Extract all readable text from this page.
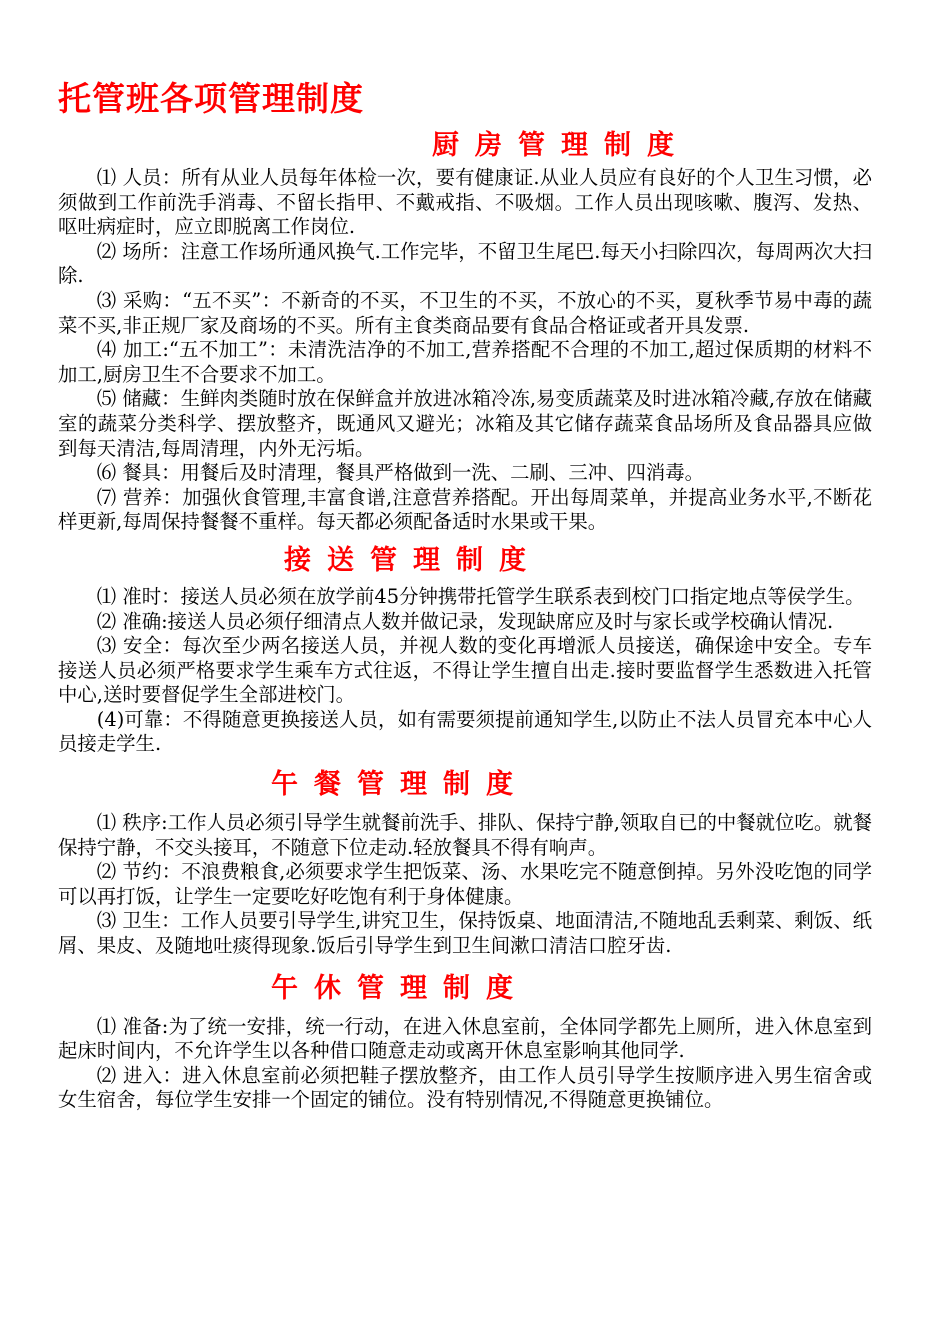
托管班各项管理制度
厨房管理制度

⑴ 人员：所有从业人员每年体检一次，要有健康证.从业人员应有良好的个人卫生习惯，必须做到工作前洗手消毒、不留长指甲、不戴戒指、不吸烟。工作人员出现咳嗽、腹泻、发热、呕吐病症时，应立即脱离工作岗位.

⑵ 场所：注意工作场所通风换气.工作完毕，不留卫生尾巴.每天小扫除四次，每周两次大扫除.

⑶ 采购：“五不买”：不新奇的不买，不卫生的不买，不放心的不买，夏秋季节易中毒的蔬菜不买,非正规厂家及商场的不买。所有主食类商品要有食品合格证或者开具发票.

⑷ 加工:“五不加工”：未清洗洁净的不加工,营养搭配不合理的不加工,超过保质期的材料不加工,厨房卫生不合要求不加工。

⑸ 储藏：生鲜肉类随时放在保鲜盒并放进冰箱冷冻,易变质蔬菜及时进冰箱冷藏,存放在储藏室的蔬菜分类科学、摆放整齐，既通风又避光；冰箱及其它储存蔬菜食品场所及食品器具应做到每天清洁,每周清理，内外无污垢。

⑹ 餐具：用餐后及时清理，餐具严格做到一洗、二刷、三冲、四消毒。

⑺ 营养：加强伙食管理,丰富食谱,注意营养搭配。开出每周菜单，并提高业务水平,不断花样更新,每周保持餐餐不重样。每天都必须配备适时水果或干果。

接送管理制度

⑴ 准时：接送人员必须在放学前45分钟携带托管学生联系表到校门口指定地点等侯学生。

⑵ 准确:接送人员必须仔细清点人数并做记录，发现缺席应及时与家长或学校确认情况.

⑶ 安全：每次至少两名接送人员，并视人数的变化再增派人员接送，确保途中安全。专车接送人员必须严格要求学生乘车方式往返，不得让学生擅自出走.接时要监督学生悉数进入托管中心,送时要督促学生全部进校门。

(4)可靠：不得随意更换接送人员，如有需要须提前通知学生,以防止不法人员冒充本中心人员接走学生.

午餐管理制度

⑴ 秩序:工作人员必须引导学生就餐前洗手、排队、保持宁静,领取自已的中餐就位吃。就餐保持宁静，不交头接耳，不随意下位走动.轻放餐具不得有响声。

⑵ 节约：不浪费粮食,必须要求学生把饭菜、汤、水果吃完不随意倒掉。另外没吃饱的同学可以再打饭，让学生一定要吃好吃饱有利于身体健康。

⑶ 卫生：工作人员要引导学生,讲究卫生，保持饭桌、地面清洁,不随地乱丢剩菜、剩饭、纸屑、果皮、及随地吐痰得现象.饭后引导学生到卫生间漱口清洁口腔牙齿.

午休管理制度

⑴ 准备:为了统一安排，统一行动，在进入休息室前，全体同学都先上厕所，进入休息室到起床时间内，不允许学生以各种借口随意走动或离开休息室影响其他同学.

⑵ 进入：进入休息室前必须把鞋子摆放整齐，由工作人员引导学生按顺序进入男生宿舍或女生宿舍，每位学生安排一个固定的铺位。没有特别情况,不得随意更换铺位。
